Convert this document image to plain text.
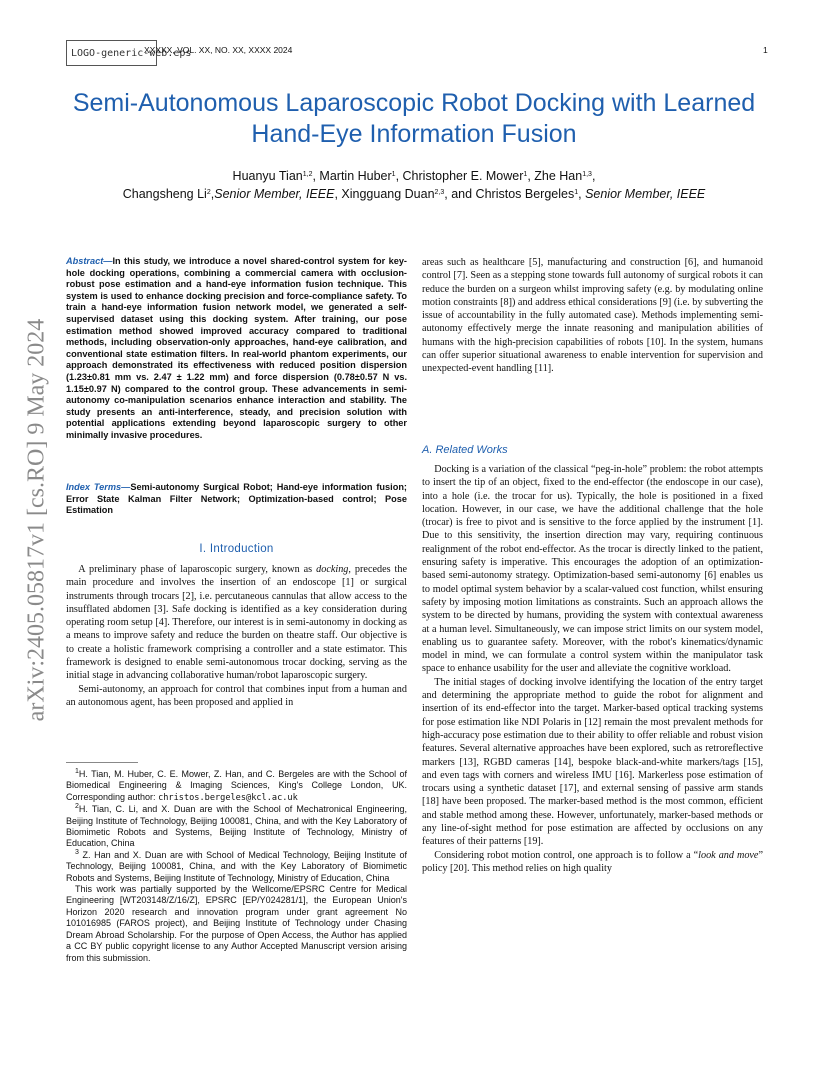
LOGO-generic-web.eps
XXXXX, VOL. XX, NO. XX, XXXX 2024	1
Semi-Autonomous Laparoscopic Robot Docking with Learned Hand-Eye Information Fusion
Huanyu Tian$^{1,2}$, Martin Huber$^1$, Christopher E. Mower$^1$, Zhe Han$^{1,3}$,
Changsheng Li$^2$,Senior Member, IEEE, Xingguang Duan$^{2,3}$, and Christos Bergeles$^1$, Senior Member, IEEE
arXiv:2405.05817v1 [cs.RO] 9 May 2024
Abstract—In this study, we introduce a novel shared-control system for key-hole docking operations, combining a commercial camera with occlusion-robust pose estimation and a hand-eye information fusion technique. This system is used to enhance docking precision and force-compliance safety. To train a hand-eye information fusion network model, we generated a self-supervised dataset using this docking system. After training, our pose estimation method showed improved accuracy compared to traditional methods, including observation-only approaches, hand-eye calibration, and conventional state estimation filters. In real-world phantom experiments, our approach demonstrated its effectiveness with reduced position dispersion (1.23±0.81 mm vs. 2.47 ± 1.22 mm) and force dispersion (0.78±0.57 N vs. 1.15±0.97 N) compared to the control group. These advancements in semi-autonomy co-manipulation scenarios enhance interaction and stability. The study presents an anti-interference, steady, and precision solution with potential applications extending beyond laparoscopic surgery to other minimally invasive procedures.
Index Terms—Semi-autonomy Surgical Robot; Hand-eye information fusion; Error State Kalman Filter Network; Optimization-based control; Pose Estimation
I. Introduction

A preliminary phase of laparoscopic surgery, known as docking, precedes the main procedure and involves the insertion of an endoscope [1] or surgical instruments through trocars [2], i.e. percutaneous cannulas that allow access to the insufflated abdomen [3]. Safe docking is identified as a key consideration during operating room setup [4]. Therefore, our interest is in semi-autonomy in docking as a means to improve safety and reduce the burden on theatre staff. Our objective is to create a holistic framework comprising a controller and a state estimator. This framework is designed to enable semi-autonomous trocar docking, serving as the initial stage in advancing collaborative human/robot laparoscopic surgery.

Semi-autonomy, an approach for control that combines input from a human and an autonomous agent, has been proposed and applied in

$^1$H. Tian, M. Huber, C. E. Mower, Z. Han, and C. Bergeles are with the School of Biomedical Engineering & Imaging Sciences, King's College London, UK. Corresponding author: christos.bergeles@kcl.ac.uk

$^2$H. Tian, C. Li, and X. Duan are with the School of Mechatronical Engineering, Beijing Institute of Technology, Beijing 100081, China, and with the Key Laboratory of Biomimetic Robots and Systems, Beijing Institute of Technology, Ministry of Education, China

$^3$ Z. Han and X. Duan are with School of Medical Technology, Beijing Institute of Technology, Beijing 100081, China, and with the Key Laboratory of Biomimetic Robots and Systems, Beijing Institute of Technology, Ministry of Education, China

This work was partially supported by the Wellcome/EPSRC Centre for Medical Engineering [WT203148/Z/16/Z], EPSRC [EP/Y024281/1], the European Union's Horizon 2020 research and innovation program under grant agreement No 101016985 (FAROS project), and Beijing Institute of Technology under Chasing Dream Abroad Scholarship. For the purpose of Open Access, the Author has applied a CC BY public copyright license to any Author Accepted Manuscript version arising from this submission.

areas such as healthcare [5], manufacturing and construction [6], and humanoid control [7]. Seen as a stepping stone towards full autonomy of surgical robots it can reduce the burden on a surgeon whilst improving safety (e.g. by modulating online motion constraints [8]) and address ethical considerations [9] (i.e. by subverting the issue of accountability in the fully automated case). Methods implementing semi-autonomy effectively merge the innate reasoning and manipulation abilities of humans with the high-precision capabilities of robots [10]. In the system, humans can offer superior situational awareness to enable intervention for supervision and unexpected-event handling [11].

A. Related Works

Docking is a variation of the classical “peg-in-hole” problem: the robot attempts to insert the tip of an object, fixed to the end-effector (the endoscope in our case), into a hole (i.e. the trocar for us). Typically, the hole is positioned in a fixed location. However, in our case, we have the additional challenge that the hole (trocar) is free to pivot and is sensitive to the force applied by the instrument [1]. Due to this sensitivity, the insertion direction may vary, requiring continuous realignment of the robot end-effector. As the trocar is directly linked to the patient, ensuring safety is imperative. This encourages the adoption of an optimization-based semi-autonomy strategy. Optimization-based semi-autonomy [6] enables us to model optimal system behavior by a scalar-valued cost function, whilst ensuring safety by imposing motion limitations as constraints. Such an approach allows the system to be directed by humans, providing the system with contextual awareness at a human level. Simultaneously, we can impose strict limits on our system model, enabling us to guarantee safety. Moreover, with the robot's kinematics/dynamic model in mind, we can formulate a control system within the manipulator task space to enhance usability for the user and alleviate the cognitive workload.

The initial stages of docking involve identifying the location of the entry target and determining the appropriate method to guide the robot for alignment and insertion of its end-effector into the target. Marker-based optical tracking systems for pose estimation like NDI Polaris in [12] remain the most prevalent methods for high-accuracy pose estimation due to their ability to offer reliable and robust vision features. Several alternative approaches have been explored, such as retroreflective markers [13], RGBD cameras [14], bespoke black-and-white markers/tags [15], and even tags with corners and wireless IMU [16]. Markerless pose estimation of trocars using a synthetic dataset [17], and external sensing of passive arm stands [18] have been proposed. The marker-based method is the most common, efficient and stable method among these. However, unfortunately, marker-based methods or any line-of-sight method for pose estimation are affected by occlusions on any features of their patterns [19].

Considering robot motion control, one approach is to follow a “look and move” policy [20]. This method relies on high quality
